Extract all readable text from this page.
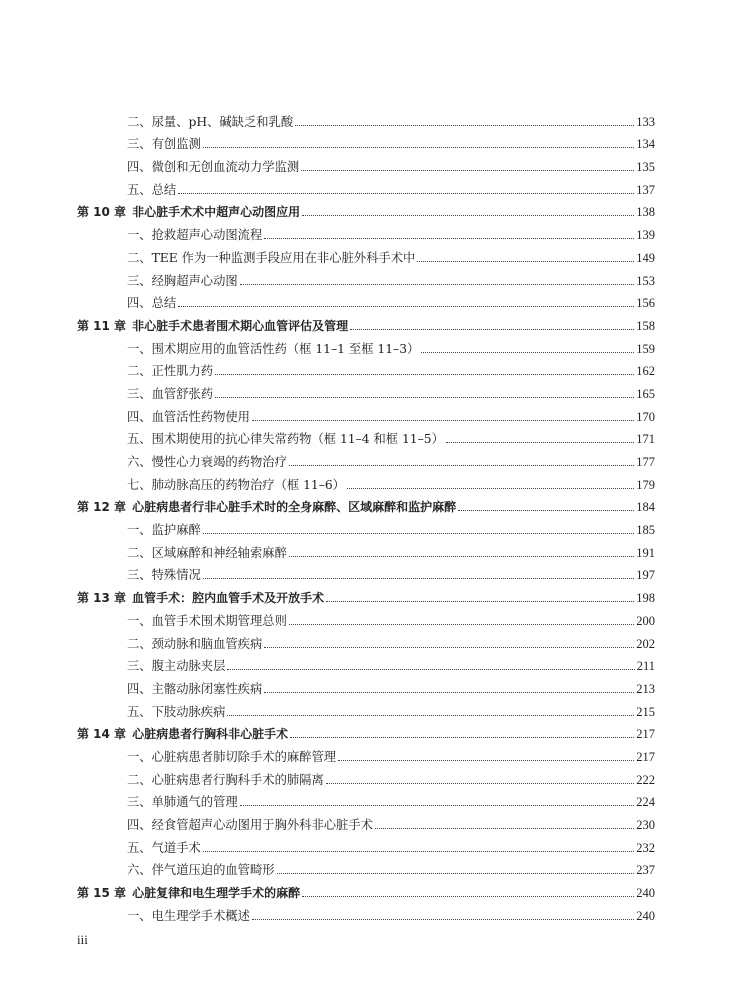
二、尿量、pH、碱缺乏和乳酸	133
三、有创监测	134
四、微创和无创血流动力学监测	135
五、总结	137
第 10 章 非心脏手术术中超声心动图应用	138
一、抢救超声心动图流程	139
二、TEE 作为一种监测手段应用在非心脏外科手术中	149
三、经胸超声心动图	153
四、总结	156
第 11 章 非心脏手术患者围术期心血管评估及管理	158
一、围术期应用的血管活性药（框 11–1 至框 11–3）	159
二、正性肌力药	162
三、血管舒张药	165
四、血管活性药物使用	170
五、围术期使用的抗心律失常药物（框 11–4 和框 11–5）	171
六、慢性心力衰竭的药物治疗	177
七、肺动脉高压的药物治疗（框 11–6）	179
第 12 章 心脏病患者行非心脏手术时的全身麻醉、区域麻醉和监护麻醉	184
一、监护麻醉	185
二、区域麻醉和神经轴索麻醉	191
三、特殊情况	197
第 13 章 血管手术：腔内血管手术及开放手术	198
一、血管手术围术期管理总则	200
二、颈动脉和脑血管疾病	202
三、腹主动脉夹层	211
四、主髂动脉闭塞性疾病	213
五、下肢动脉疾病	215
第 14 章 心脏病患者行胸科非心脏手术	217
一、心脏病患者肺切除手术的麻醉管理	217
二、心脏病患者行胸科手术的肺隔离	222
三、单肺通气的管理	224
四、经食管超声心动图用于胸外科非心脏手术	230
五、气道手术	232
六、伴气道压迫的血管畸形	237
第 15 章 心脏复律和电生理学手术的麻醉	240
一、电生理学手术概述	240
iii
